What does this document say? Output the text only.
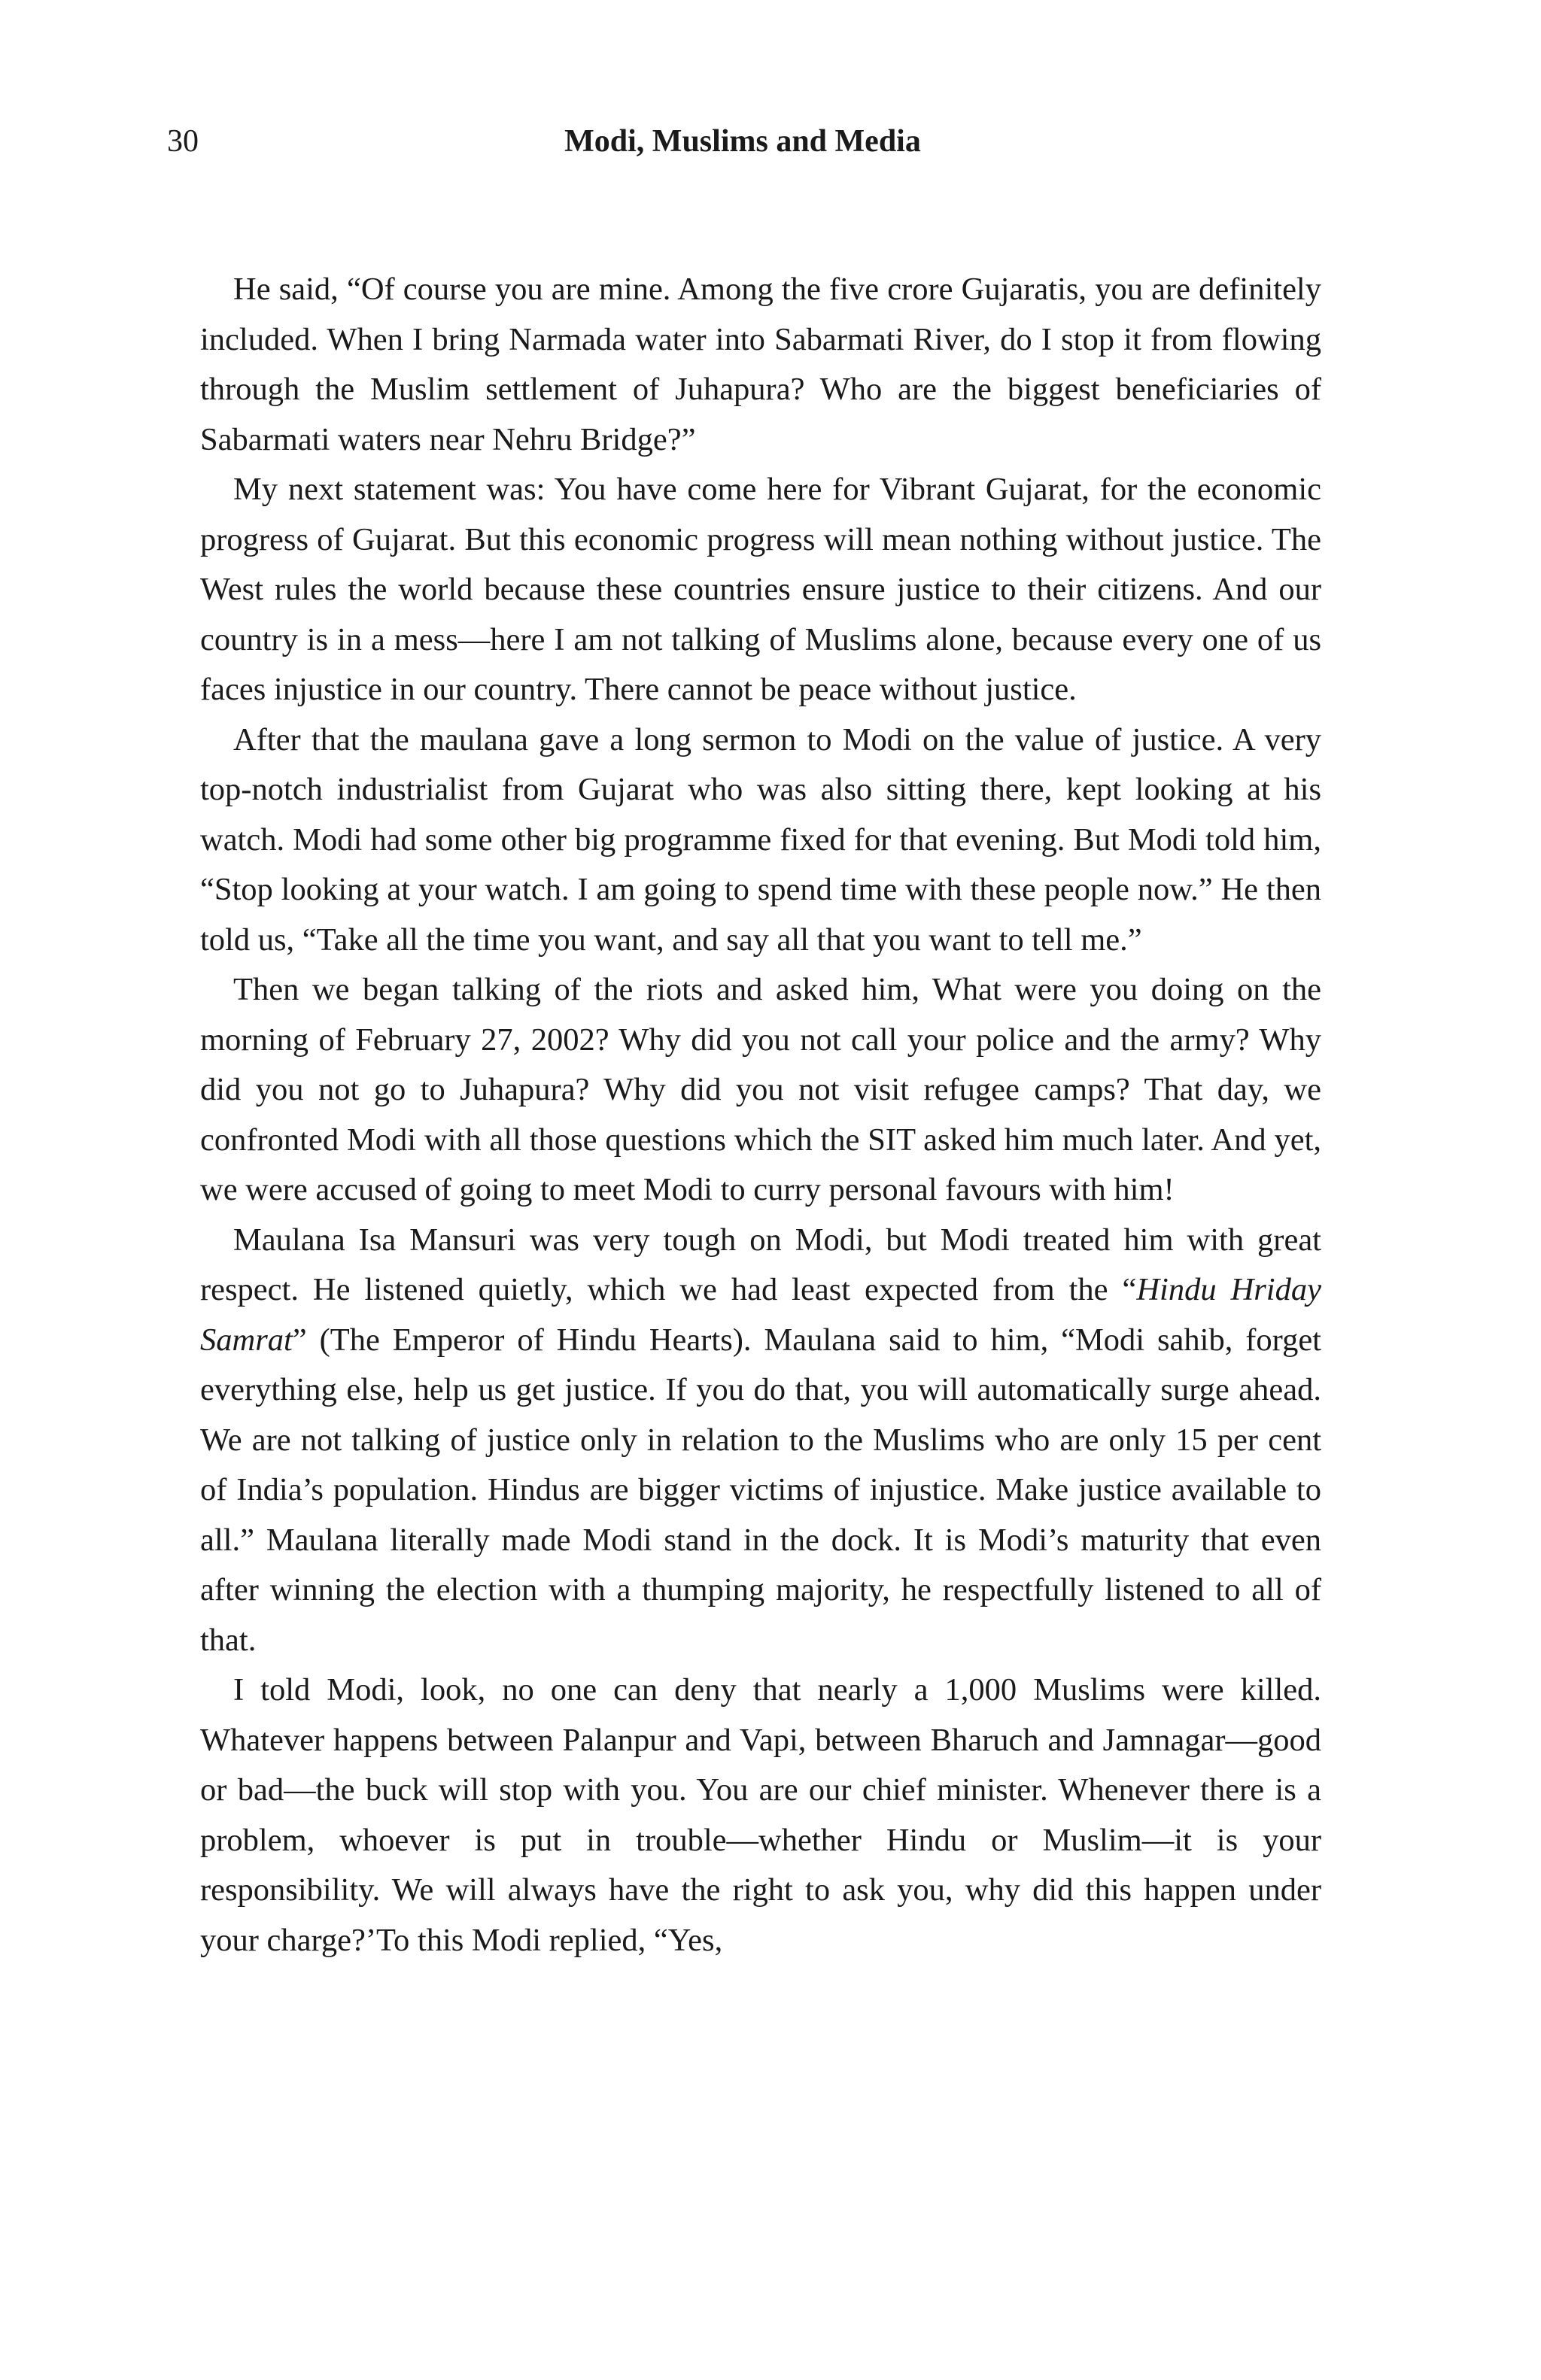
30	Modi, Muslims and Media

He said, “Of course you are mine. Among the five crore Gujaratis, you are definitely included. When I bring Narmada water into Sabarmati River, do I stop it from flowing through the Muslim settlement of Juhapura? Who are the biggest beneficiaries of Sabarmati waters near Nehru Bridge?”

My next statement was: You have come here for Vibrant Gujarat, for the economic progress of Gujarat. But this economic progress will mean nothing without justice. The West rules the world because these countries ensure justice to their citizens. And our country is in a mess—here I am not talking of Muslims alone, because every one of us faces injustice in our country. There cannot be peace without justice.

After that the maulana gave a long sermon to Modi on the value of justice. A very top-notch industrialist from Gujarat who was also sitting there, kept looking at his watch. Modi had some other big programme fixed for that evening. But Modi told him, “Stop looking at your watch. I am going to spend time with these people now.” He then told us, “Take all the time you want, and say all that you want to tell me.”

Then we began talking of the riots and asked him, What were you doing on the morning of February 27, 2002? Why did you not call your police and the army? Why did you not go to Juhapura? Why did you not visit refugee camps? That day, we confronted Modi with all those questions which the SIT asked him much later. And yet, we were accused of going to meet Modi to curry personal favours with him!

Maulana Isa Mansuri was very tough on Modi, but Modi treated him with great respect. He listened quietly, which we had least expected from the “Hindu Hriday Samrat” (The Emperor of Hindu Hearts). Maulana said to him, “Modi sahib, forget everything else, help us get justice. If you do that, you will automatically surge ahead. We are not talking of justice only in relation to the Muslims who are only 15 per cent of India’s population. Hindus are bigger victims of injustice. Make justice available to all.” Maulana literally made Modi stand in the dock. It is Modi’s maturity that even after winning the election with a thumping majority, he respectfully listened to all of that.

I told Modi, look, no one can deny that nearly a 1,000 Muslims were killed. Whatever happens between Palanpur and Vapi, between Bharuch and Jamnagar—good or bad—the buck will stop with you. You are our chief minister. Whenever there is a problem, whoever is put in trouble—whether Hindu or Muslim—it is your responsibility. We will always have the right to ask you, why did this happen under your charge?’To this Modi replied, “Yes,
